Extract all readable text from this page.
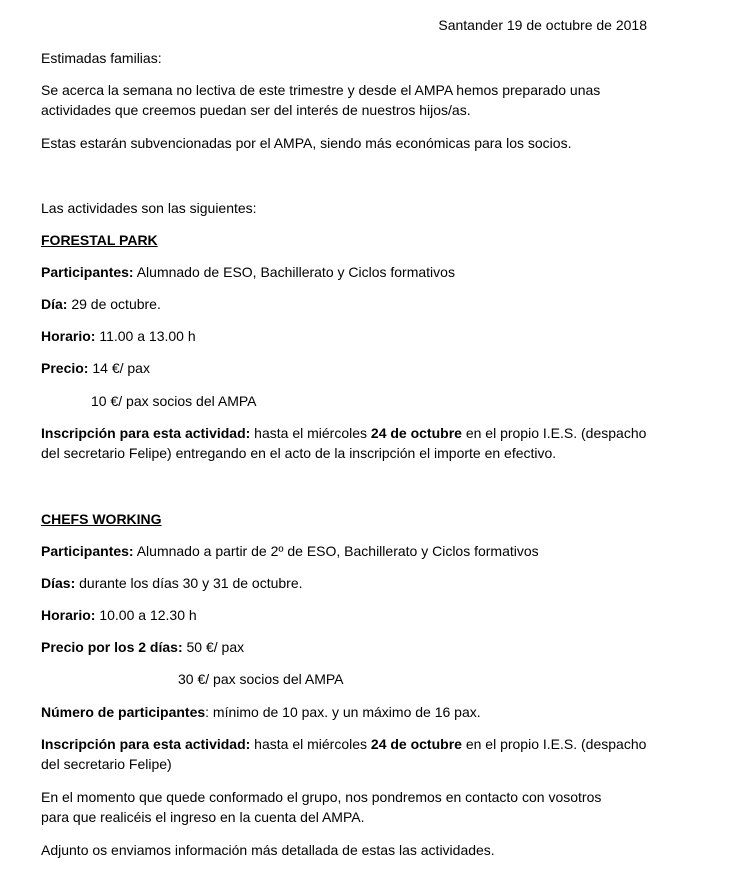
Santander 19 de octubre de 2018
Estimadas familias:
Se acerca la semana no lectiva de este trimestre y desde el AMPA hemos preparado unas
actividades que creemos puedan ser del interés de nuestros hijos/as.
Estas estarán subvencionadas por el AMPA, siendo más económicas para los socios.
Las actividades son las siguientes:
FORESTAL PARK
Participantes: Alumnado de ESO, Bachillerato y Ciclos formativos
Día: 29 de octubre.
Horario: 11.00 a 13.00 h
Precio: 14 €/ pax
10 €/ pax socios del AMPA
Inscripción para esta actividad: hasta el miércoles 24 de octubre en el propio I.E.S. (despacho
del secretario Felipe) entregando en el acto de la inscripción el importe en efectivo.
CHEFS WORKING
Participantes: Alumnado a partir de 2º de ESO, Bachillerato y Ciclos formativos
Días: durante los días 30 y 31 de octubre.
Horario: 10.00 a 12.30 h
Precio por los 2 días: 50 €/ pax
30 €/ pax socios del AMPA
Número de participantes: mínimo de 10 pax. y un máximo de 16 pax.
Inscripción para esta actividad: hasta el miércoles 24 de octubre en el propio I.E.S. (despacho
del secretario Felipe)
En el momento que quede conformado el grupo, nos pondremos en contacto con vosotros
para que realicéis el ingreso en la cuenta del AMPA.
Adjunto os enviamos información más detallada de estas las actividades.
